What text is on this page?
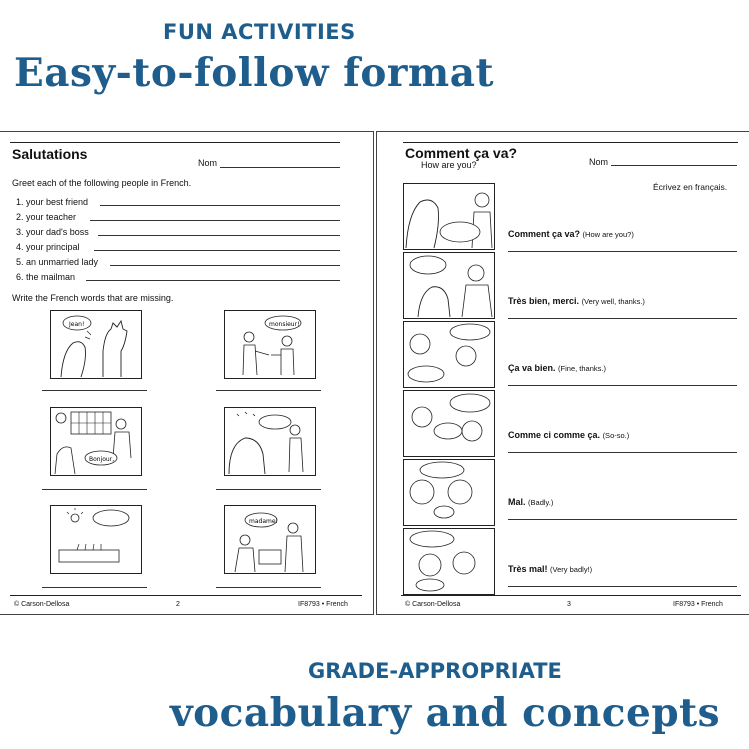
FUN ACTIVITIES
Easy-to-follow format
Salutations
Nom
Greet each of the following people in French.
1. your best friend
2. your teacher
3. your dad's boss
4. your principal
5. an unmarried lady
6. the mailman
Write the French words that are missing.
Jean!	monsieur!
Bonjour,
madame!
© Carson-Dellosa	2	IF8793 • French
Comment ça va?
How are you?	Nom
Écrivez en français.
Comment ça va? (How are you?)
Très bien, merci. (Very well, thanks.)
Ça va bien. (Fine, thanks.)
Comme ci comme ça. (So-so.)
Mal. (Badly.)
Très mal! (Very badly!)
© Carson-Dellosa	3	IF8793 • French
GRADE-APPROPRIATE
vocabulary and concepts
